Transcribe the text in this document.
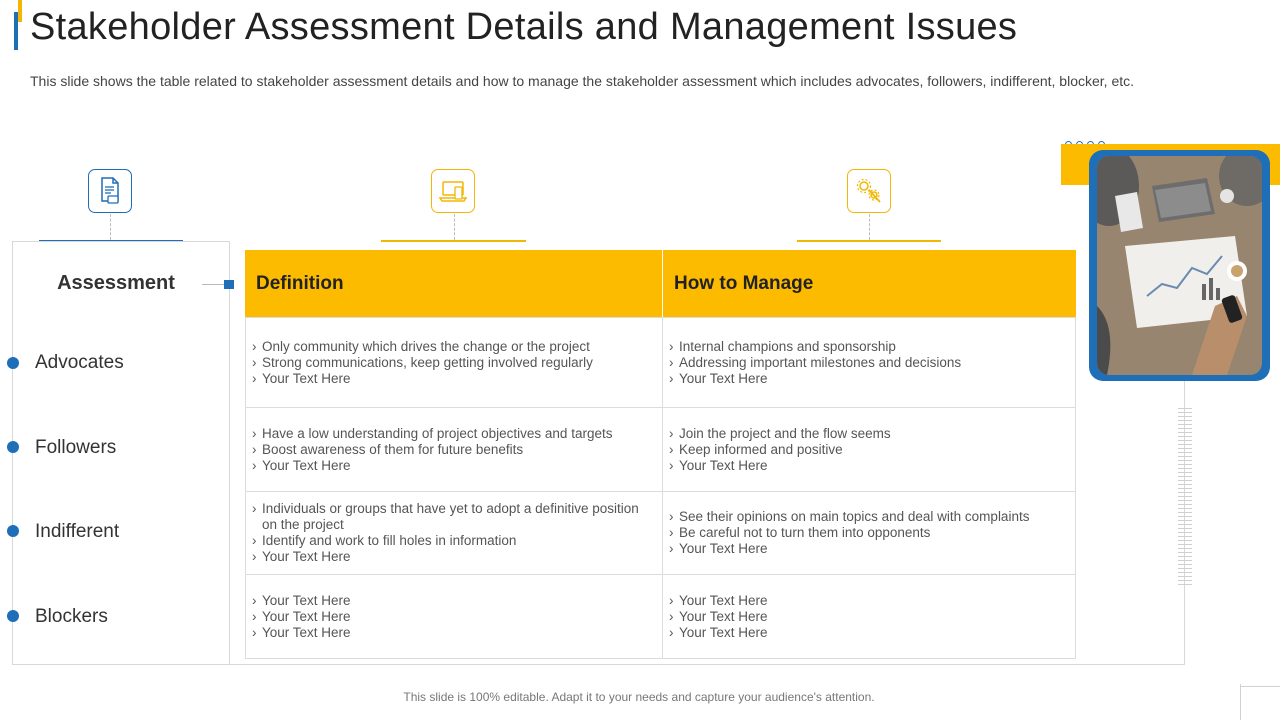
Stakeholder Assessment Details and Management Issues
This slide shows the table related to stakeholder assessment details and how to manage the stakeholder assessment which includes advocates, followers, indifferent, blocker, etc.
Assessment
Advocates
Followers
Indifferent
Blockers
Definition	How to Manage
› Only community which drives the change or the project
› Strong communications, keep getting involved regularly
› Your Text Here
› Internal champions and sponsorship
› Addressing important milestones and decisions
› Your Text Here
› Have a low understanding of project objectives and targets
› Boost awareness of them for future benefits
› Your Text Here
› Join the project and the flow seems
› Keep informed and positive
› Your Text Here
› Individuals or groups that have yet to adopt a definitive position on the project
› Identify and work to fill holes in information
› Your Text Here
› See their opinions on main topics and deal with complaints
› Be careful not to turn them into opponents
› Your Text Here
› Your Text Here
› Your Text Here
› Your Text Here
› Your Text Here
› Your Text Here
› Your Text Here
This slide is 100% editable. Adapt it to your needs and capture your audience's attention.
